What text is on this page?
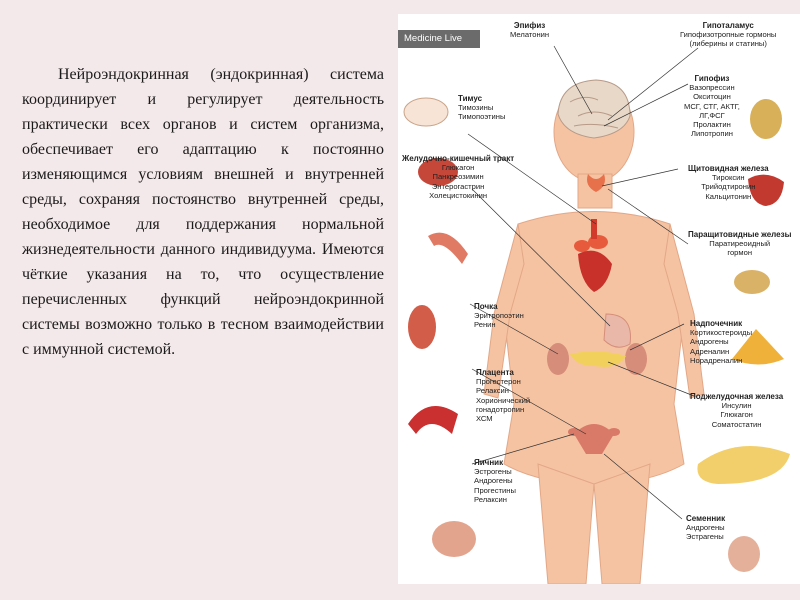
Нейроэндокринная (эндокринная) система координирует и регулирует деятельность практически всех органов и систем организма, обеспечивает его адаптацию к постоянно изменяющимся условиям внешней и внутренней среды, сохраняя постоянство внутренней среды, необходимое для поддержания нормальной жизнедеятельности данного индивидуума. Имеются чёткие указания на то, что осуществление перечисленных функций нейроэндокринной системы возможно только в тесном взаимодействии с иммунной системой.

Medicine Live
Эпифиз
Мелатонин
Гипоталамус
Гипофизотропные гормоны
(либерины и статины)
Тимус
Тимозины
Тимопоэтины
Гипофиз
Вазопрессин
Окситоцин
МСГ, СТГ, АКТГ,
ЛГ,ФСГ
Пролактин
Липотропин
Желудочно-кишечный тракт
Глюкагон
Панкреозимин
Энтерогастрин
Холецистокинин
Щитовидная железа
Тироксин
Трийодтиронин
Кальцитонин
Паращитовидные железы
Паратиреоидный
гормон
Почка
Эритропоэтин
Ренин	Надпочечник
Кортикостероиды
Андрогены
Адреналин
Норадреналин
Плацента
Прогестерон
Релаксин
Хорионический
гонадотропин
ХСМ
Поджелудочная железа
Инсулин
Глюкагон
Соматостатин
Яичник
Эстрогены
Андрогены
Прогестины
Релаксин
Семенник
Андрогены
Эстрагены
